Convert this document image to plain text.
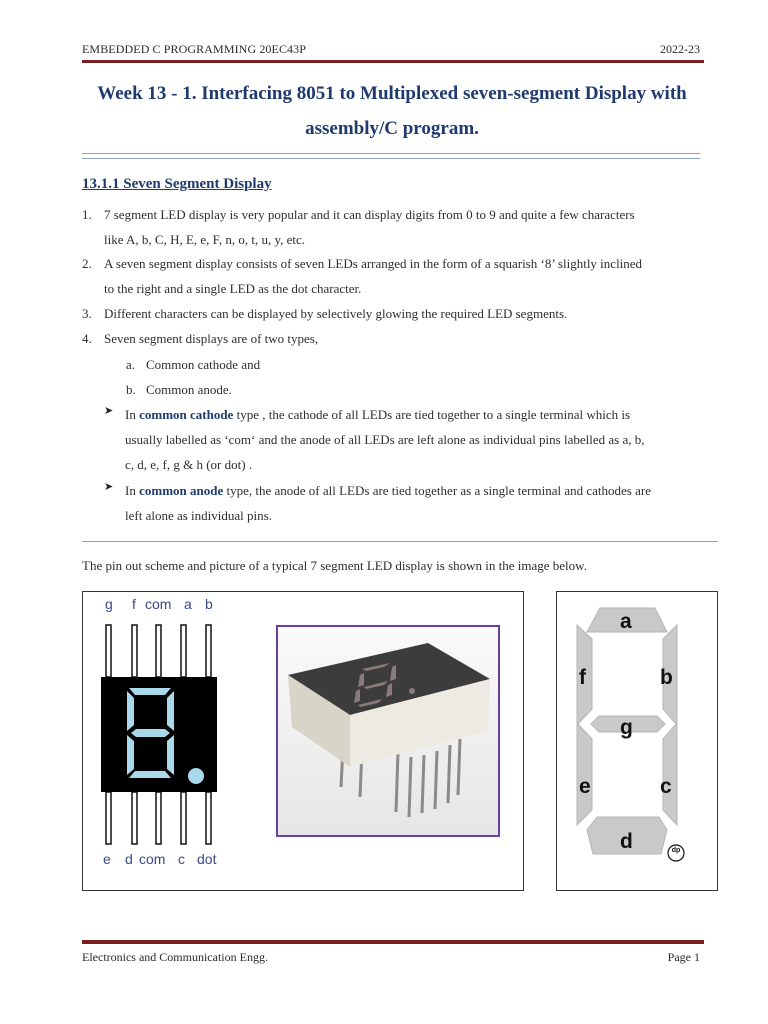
EMBEDDED C PROGRAMMING 20EC43P	2022-23
Week 13 - 1. Interfacing 8051 to Multiplexed seven-segment Display with
assembly/C program.
13.1.1 Seven Segment Display
1. 7 segment LED display is very popular and it can display digits from 0 to 9 and quite a few characters
like A, b, C, H, E, e, F, n, o, t, u, y, etc.
2. A seven segment display consists of seven LEDs arranged in the form of a squarish ‘8’ slightly inclined
to the right and a single LED as the dot character.
3. Different characters can be displayed by selectively glowing the required LED segments.
4. Seven segment displays are of two types,
a. Common cathode and
b. Common anode.
➤ In common cathode type , the cathode of all LEDs are tied together to a single terminal which is
usually labelled as ‘com‘ and the anode of all LEDs are left alone as individual pins labelled as a, b,
c, d, e, f, g & h (or dot) .
➤ In common anode type, the anode of all LEDs are tied together as a single terminal and cathodes are
left alone as individual pins.
The pin out scheme and picture of a typical 7 segment LED display is shown in the image below.
g f com a b
e d com c dot
a
f	b
g
e	c
d	dp
Electronics and Communication Engg.	Page 1
